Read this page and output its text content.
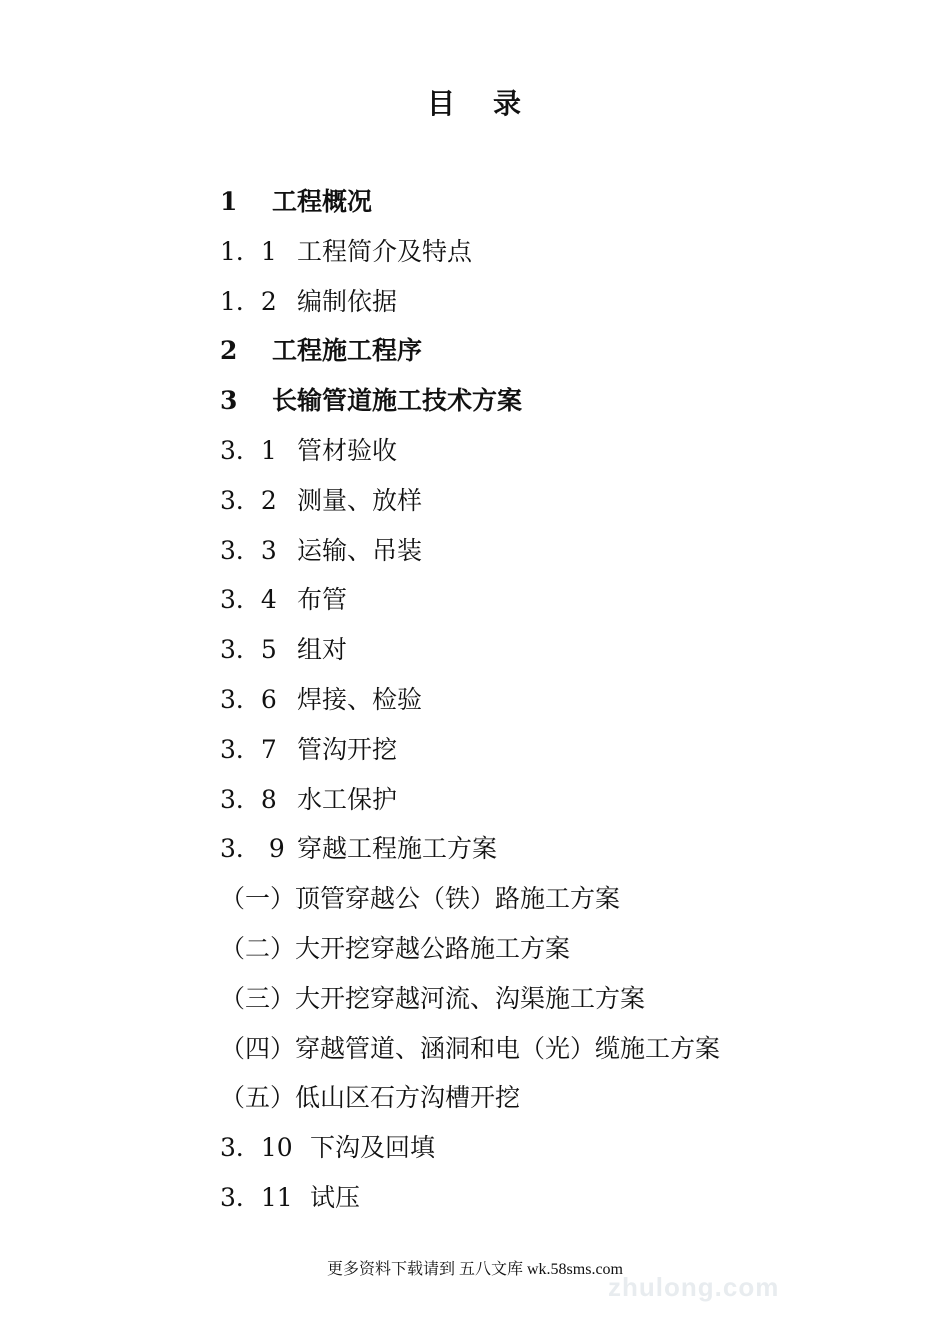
目 录
1 工程概况
1．1 工程简介及特点
1．2 编制依据
2 工程施工程序
3 长输管道施工技术方案
3．1 管材验收
3．2 测量、放样
3．3 运输、吊装
3．4 布管
3．5 组对
3．6 焊接、检验
3．7 管沟开挖
3．8 水工保护
3． 9 穿越工程施工方案
（一）顶管穿越公（铁）路施工方案
（二）大开挖穿越公路施工方案
（三）大开挖穿越河流、沟渠施工方案
（四）穿越管道、涵洞和电（光）缆施工方案
（五）低山区石方沟槽开挖
3．10 下沟及回填
3．11 试压
更多资料下载请到 五八文库 wk.58sms.com
zhulong.com
